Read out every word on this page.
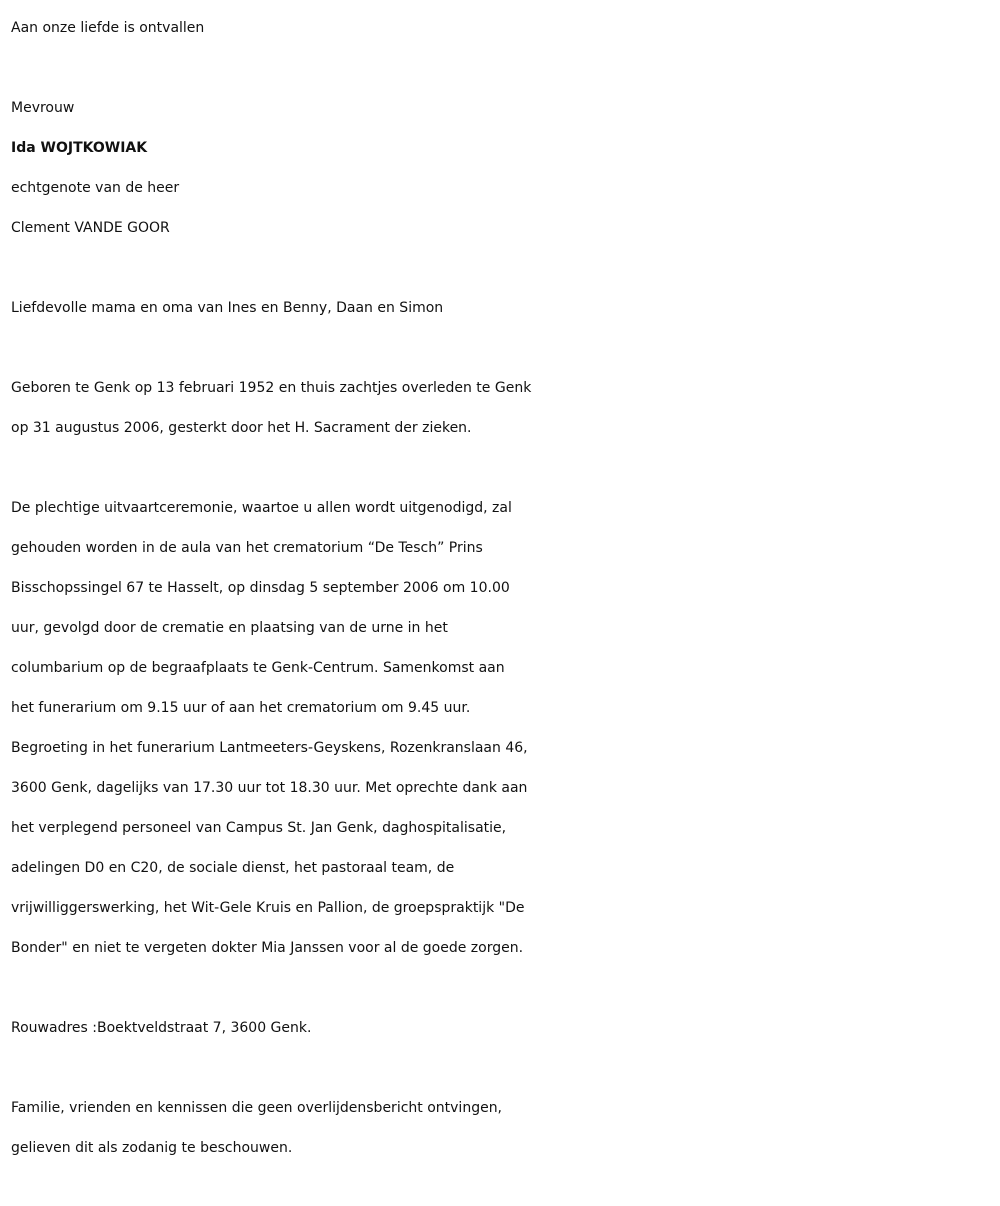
Aan onze liefde is ontvallen

Mevrouw

Ida WOJTKOWIAK

echtgenote van de heer

Clement VANDE GOOR

Liefdevolle mama en oma van Ines en Benny, Daan en Simon

Geboren te Genk op 13 februari 1952 en thuis zachtjes overleden te Genk

op 31 augustus 2006, gesterkt door het H. Sacrament der zieken.

De plechtige uitvaartceremonie, waartoe u allen wordt uitgenodigd, zal

gehouden worden in de aula van het crematorium “De Tesch” Prins

Bisschopssingel 67 te Hasselt, op dinsdag 5 september 2006 om 10.00

uur, gevolgd door de crematie en plaatsing van de urne in het

columbarium op de begraafplaats te Genk-Centrum. Samenkomst aan

het funerarium om 9.15 uur of aan het crematorium om 9.45 uur.

Begroeting in het funerarium Lantmeeters-Geyskens, Rozenkranslaan 46,

3600 Genk, dagelijks van 17.30 uur tot 18.30 uur. Met oprechte dank aan

het verplegend personeel van Campus St. Jan Genk, daghospitalisatie,

adelingen D0 en C20, de sociale dienst, het pastoraal team, de

vrijwilliggerswerking, het Wit-Gele Kruis en Pallion, de groepspraktijk "De

Bonder" en niet te vergeten dokter Mia Janssen voor al de goede zorgen.

Rouwadres :Boektveldstraat 7, 3600 Genk.

Familie, vrienden en kennissen die geen overlijdensbericht ontvingen,

gelieven dit als zodanig te beschouwen.
